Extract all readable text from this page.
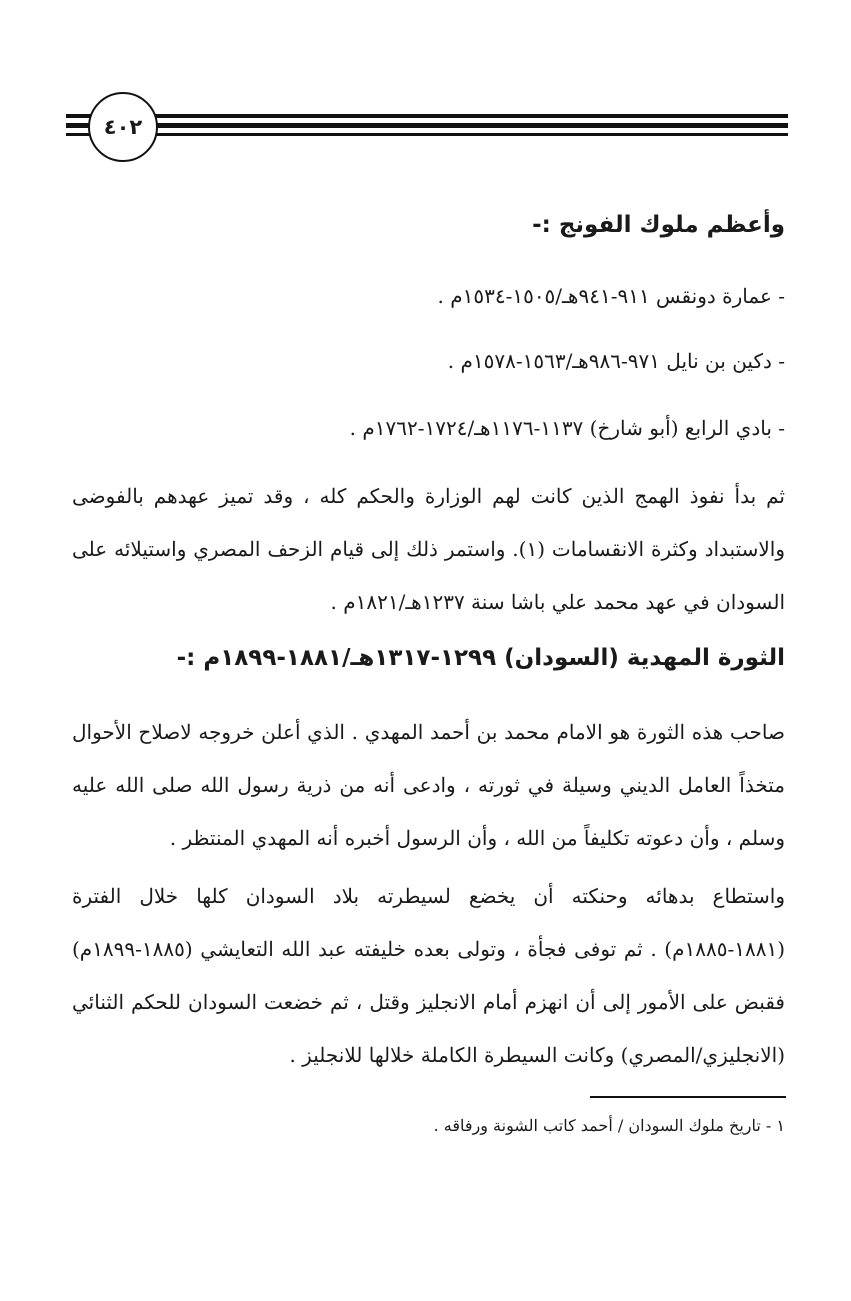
٤٠٢
وأعظم ملوك الفونج :-
- عمارة دونقس ٩١١-٩٤١هـ/١٥٠٥-١٥٣٤م .
- دكين بن نايل ٩٧١-٩٨٦هـ/١٥٦٣-١٥٧٨م .
- بادي الرابع (أبو شارخ) ١١٣٧-١١٧٦هـ/١٧٢٤-١٧٦٢م .
ثم بدأ نفوذ الهمج الذين كانت لهم الوزارة والحكم كله ، وقد تميز عهدهم بالفوضى والاستبداد وكثرة الانقسامات (١). واستمر ذلك إلى قيام الزحف المصري واستيلائه على السودان في عهد محمد علي باشا سنة ١٢٣٧هـ/١٨٢١م .
الثورة المهدية (السودان) ١٢٩٩-١٣١٧هـ/١٨٨١-١٨٩٩م :-
صاحب هذه الثورة هو الامام محمد بن أحمد المهدي . الذي أعلن خروجه لاصلاح الأحوال متخذاً العامل الديني وسيلة في ثورته ، وادعى أنه من ذرية رسول الله صلى الله عليه وسلم ، وأن دعوته تكليفاً من الله ، وأن الرسول أخبره أنه المهدي المنتظر .
واستطاع بدهائه وحنكته أن يخضع لسيطرته بلاد السودان كلها خلال الفترة (١٨٨١-١٨٨٥م) . ثم توفى فجأة ، وتولى بعده خليفته عبد الله التعايشي (١٨٨٥-١٨٩٩م) فقبض على الأمور إلى أن انهزم أمام الانجليز وقتل ، ثم خضعت السودان للحكم الثنائي (الانجليزي/المصري) وكانت السيطرة الكاملة خلالها للانجليز .
١ - تاريخ ملوك السودان / أحمد كاتب الشونة ورفاقه .
